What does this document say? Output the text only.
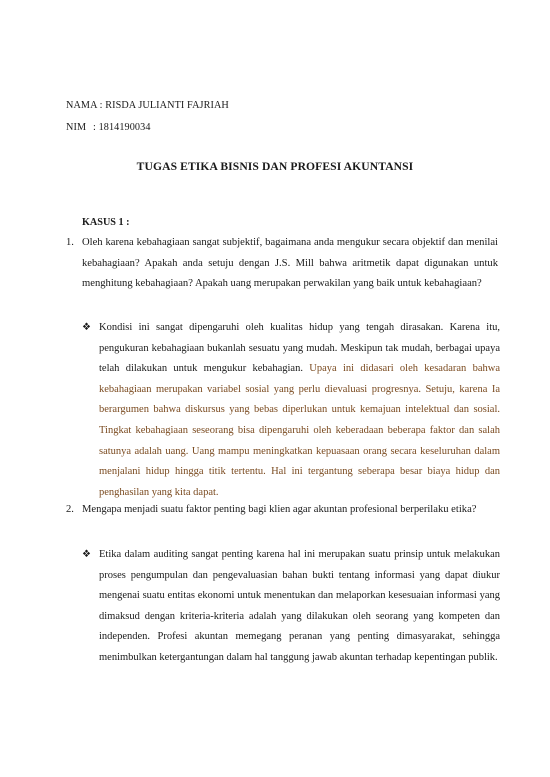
NAMA : RISDA JULIANTI FAJRIAH
NIM : 1814190034
TUGAS ETIKA BISNIS DAN PROFESI AKUNTANSI
KASUS 1 :
1. Oleh karena kebahagiaan sangat subjektif, bagaimana anda mengukur secara objektif dan menilai kebahagiaan? Apakah anda setuju dengan J.S. Mill bahwa aritmetik dapat digunakan untuk menghitung kebahagiaan? Apakah uang merupakan perwakilan yang baik untuk kebahagiaan?
❖ Kondisi ini sangat dipengaruhi oleh kualitas hidup yang tengah dirasakan. Karena itu, pengukuran kebahagiaan bukanlah sesuatu yang mudah. Meskipun tak mudah, berbagai upaya telah dilakukan untuk mengukur kebahagian. Upaya ini didasari oleh kesadaran bahwa kebahagiaan merupakan variabel sosial yang perlu dievaluasi progresnya. Setuju, karena Ia berargumen bahwa diskursus yang bebas diperlukan untuk kemajuan intelektual dan sosial. Tingkat kebahagiaan seseorang bisa dipengaruhi oleh keberadaan beberapa faktor dan salah satunya adalah uang. Uang mampu meningkatkan kepuasaan orang secara keseluruhan dalam menjalani hidup hingga titik tertentu. Hal ini tergantung seberapa besar biaya hidup dan penghasilan yang kita dapat.
2. Mengapa menjadi suatu faktor penting bagi klien agar akuntan profesional berperilaku etika?
❖ Etika dalam auditing sangat penting karena hal ini merupakan suatu prinsip untuk melakukan proses pengumpulan dan pengevaluasian bahan bukti tentang informasi yang dapat diukur mengenai suatu entitas ekonomi untuk menentukan dan melaporkan kesesuaian informasi yang dimaksud dengan kriteria-kriteria adalah yang dilakukan oleh seorang yang kompeten dan independen. Profesi akuntan memegang peranan yang penting dimasyarakat, sehingga menimbulkan ketergantungan dalam hal tanggung jawab akuntan terhadap kepentingan publik.
